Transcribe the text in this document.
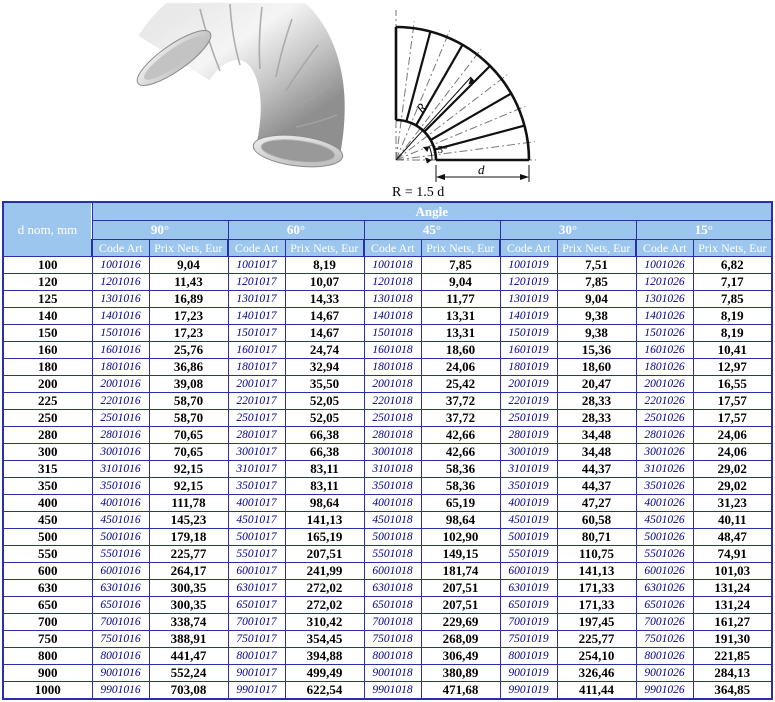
R
15°
d
R = 1.5 d
d nom, mm	Angle									
	90°		60°		45°		30°		15°	
	Code Art	Prix Nets, Eur	Code Art	Prix Nets, Eur	Code Art	Prix Nets, Eur	Code Art	Prix Nets, Eur	Code Art	Prix Nets, Eur
100	1001016	9,04	1001017	8,19	1001018	7,85	1001019	7,51	1001026	6,82
120	1201016	11,43	1201017	10,07	1201018	9,04	1201019	7,85	1201026	7,17
125	1301016	16,89	1301017	14,33	1301018	11,77	1301019	9,04	1301026	7,85
140	1401016	17,23	1401017	14,67	1401018	13,31	1401019	9,38	1401026	8,19
150	1501016	17,23	1501017	14,67	1501018	13,31	1501019	9,38	1501026	8,19
160	1601016	25,76	1601017	24,74	1601018	18,60	1601019	15,36	1601026	10,41
180	1801016	36,86	1801017	32,94	1801018	24,06	1801019	18,60	1801026	12,97
200	2001016	39,08	2001017	35,50	2001018	25,42	2001019	20,47	2001026	16,55
225	2201016	58,70	2201017	52,05	2201018	37,72	2201019	28,33	2201026	17,57
250	2501016	58,70	2501017	52,05	2501018	37,72	2501019	28,33	2501026	17,57
280	2801016	70,65	2801017	66,38	2801018	42,66	2801019	34,48	2801026	24,06
300	3001016	70,65	3001017	66,38	3001018	42,66	3001019	34,48	3001026	24,06
315	3101016	92,15	3101017	83,11	3101018	58,36	3101019	44,37	3101026	29,02
350	3501016	92,15	3501017	83,11	3501018	58,36	3501019	44,37	3501026	29,02
400	4001016	111,78	4001017	98,64	4001018	65,19	4001019	47,27	4001026	31,23
450	4501016	145,23	4501017	141,13	4501018	98,64	4501019	60,58	4501026	40,11
500	5001016	179,18	5001017	165,19	5001018	102,90	5001019	80,71	5001026	48,47
550	5501016	225,77	5501017	207,51	5501018	149,15	5501019	110,75	5501026	74,91
600	6001016	264,17	6001017	241,99	6001018	181,74	6001019	141,13	6001026	101,03
630	6301016	300,35	6301017	272,02	6301018	207,51	6301019	171,33	6301026	131,24
650	6501016	300,35	6501017	272,02	6501018	207,51	6501019	171,33	6501026	131,24
700	7001016	338,74	7001017	310,42	7001018	229,69	7001019	197,45	7001026	161,27
750	7501016	388,91	7501017	354,45	7501018	268,09	7501019	225,77	7501026	191,30
800	8001016	441,47	8001017	394,88	8001018	306,49	8001019	254,10	8001026	221,85
900	9001016	552,24	9001017	499,49	9001018	380,89	9001019	326,46	9001026	284,13
1000	9901016	703,08	9901017	622,54	9901018	471,68	9901019	411,44	9901026	364,85
